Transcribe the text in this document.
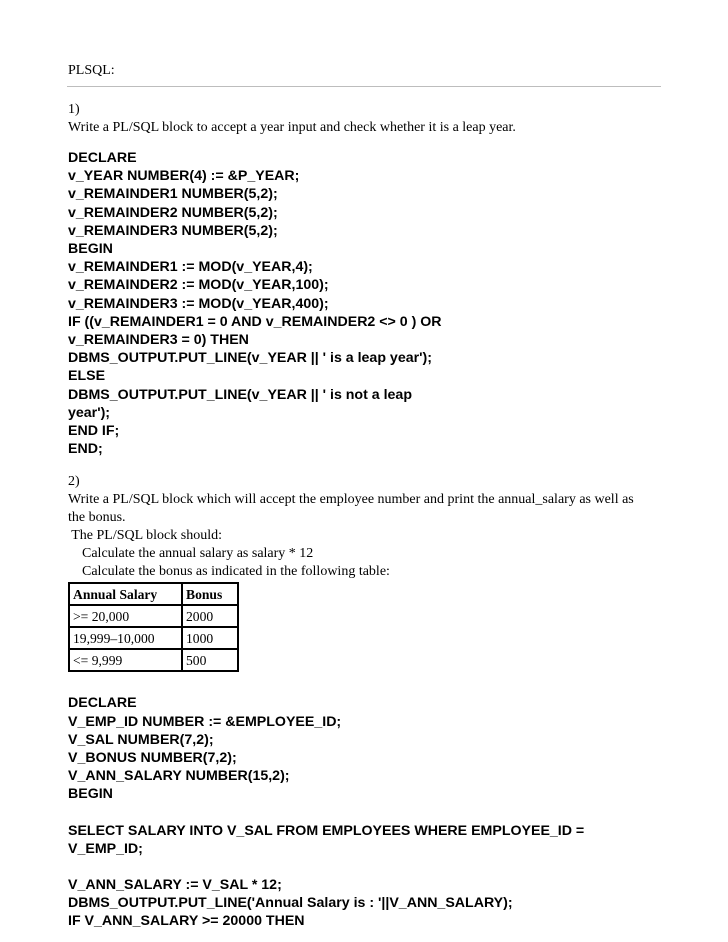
PLSQL:

1)

Write a PL/SQL block to accept a year input and check whether it is a leap year.

DECLARE

v_YEAR NUMBER(4) := &P_YEAR;

v_REMAINDER1 NUMBER(5,2);

v_REMAINDER2 NUMBER(5,2);

v_REMAINDER3 NUMBER(5,2);

BEGIN

v_REMAINDER1 := MOD(v_YEAR,4);

v_REMAINDER2 := MOD(v_YEAR,100);

v_REMAINDER3 := MOD(v_YEAR,400);

IF ((v_REMAINDER1 = 0 AND v_REMAINDER2 <> 0 ) OR

v_REMAINDER3 = 0) THEN

DBMS_OUTPUT.PUT_LINE(v_YEAR || ' is a leap year');

ELSE

DBMS_OUTPUT.PUT_LINE(v_YEAR || ' is not a leap

year');

END IF;

END;

2)

Write a PL/SQL block which will accept the employee number and print the annual_salary as well as

the bonus.

The PL/SQL block should:

Calculate the annual salary as salary * 12

Calculate the bonus as indicated in the following table:

Annual Salary	Bonus
>= 20,000	2000
19,999–10,000	1000
<= 9,999	500

DECLARE

V_EMP_ID NUMBER := &EMPLOYEE_ID;

V_SAL NUMBER(7,2);

V_BONUS NUMBER(7,2);

V_ANN_SALARY NUMBER(15,2);

BEGIN

SELECT SALARY INTO V_SAL FROM EMPLOYEES WHERE EMPLOYEE_ID =

V_EMP_ID;

V_ANN_SALARY := V_SAL * 12;

DBMS_OUTPUT.PUT_LINE('Annual Salary is : '||V_ANN_SALARY);

IF V_ANN_SALARY >= 20000 THEN
